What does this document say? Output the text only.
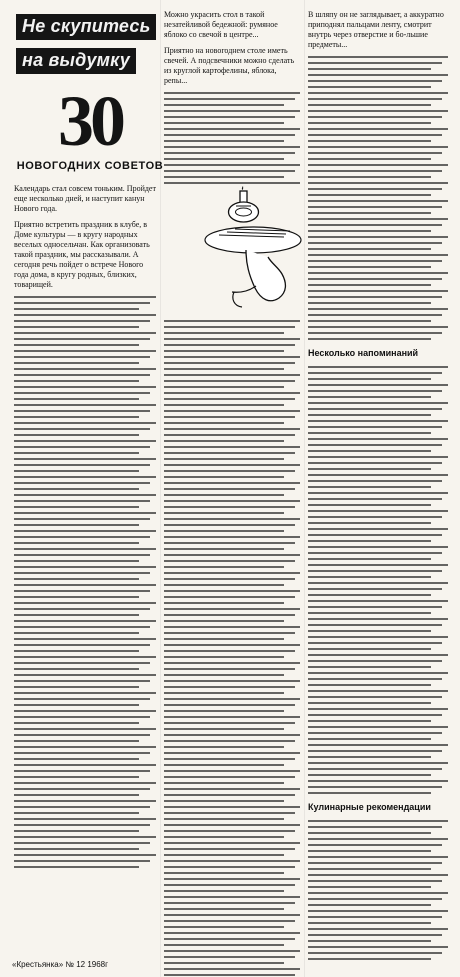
Не скупитесь
на выдумку
30
НОВОГОДНИХ СОВЕТОВ
Календарь стал совсем тоньким. Пройдет еще несколько дней, и наступит канун Нового года.
Приятно встретить праздник в клубе, в Доме культуры — в кругу народных веселых односельчан. Как организовать такой праздник, мы рассказывали. А сегодня речь пойдет о встрече Нового года дома, в кругу родных, близких, товарищей.
Можно украсить стол в такой незатейливой бедежной: румяное яблоко со свечой в центре...
Приятно на новогоднем столе иметь свечей. А подсвечники можно сделать из круглой картофелины, яблока, репы...
В шляпу он не заглядывает, а аккуратно приподнял пальцами ленту, смотрит внутрь через отверстие и бо-льшие предметы...
Несколько напоминаний
Кулинарные рекомендации
«Крестьянка» № 12 1968г
